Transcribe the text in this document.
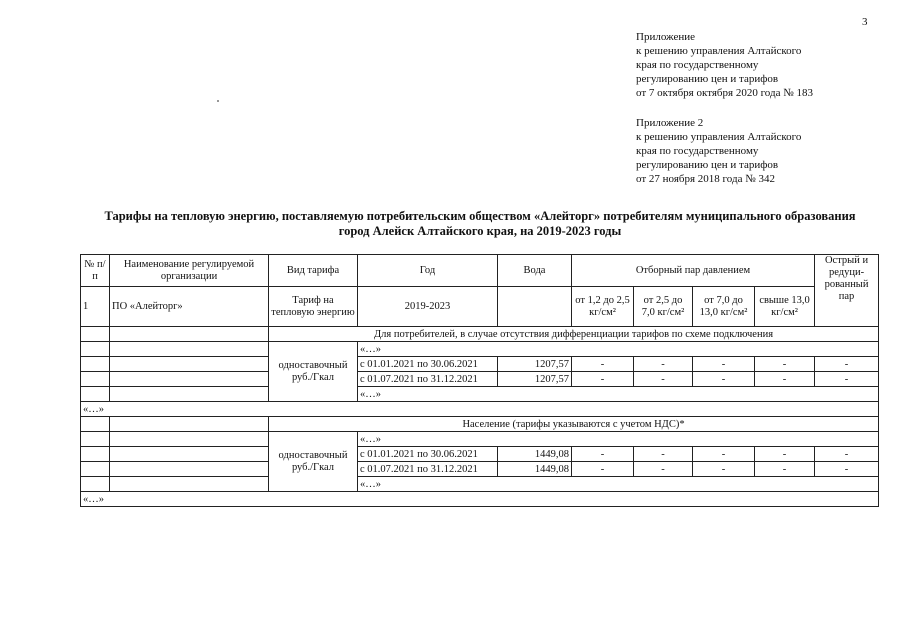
3
Приложение
к решению управления Алтайского
края по государственному
регулированию цен и тарифов
от 7 октября октября 2020 года № 183
Приложение 2
к решению управления Алтайского
края по государственному
регулированию цен и тарифов
от 27 ноября 2018 года № 342
Тарифы на тепловую энергию, поставляемую потребительским обществом «Алейторг» потребителям муниципального образования
город Алейск Алтайского края, на 2019-2023 годы
№ п/п	Наименование регулируемой организации	Вид тарифа	Год	Вода	Отборный пар давлением				Острый и редуци- рованный пар
1	ПО «Алейторг»	Тариф на тепловую энергию	2019-2023		от 1,2 до 2,5 кг/см²	от 2,5 до 7,0 кг/см²	от 7,0 до 13,0 кг/см²	свыше 13,0 кг/см²	
		Для потребителей, в случае отсутствия дифференциации тарифов по схеме подключения							
		одноставочный руб./Гкал	«…»						
			с 01.01.2021 по 30.06.2021	1207,57	-	-	-	-	-
			с 01.07.2021 по 31.12.2021	1207,57	-	-	-	-	-
			«…»						
«…»									
		Население (тарифы указываются с учетом НДС)*							
		одноставочный руб./Гкал	«…»						
			с 01.01.2021 по 30.06.2021	1449,08	-	-	-	-	-
			с 01.07.2021 по 31.12.2021	1449,08	-	-	-	-	-
			«…»						
«…»									
